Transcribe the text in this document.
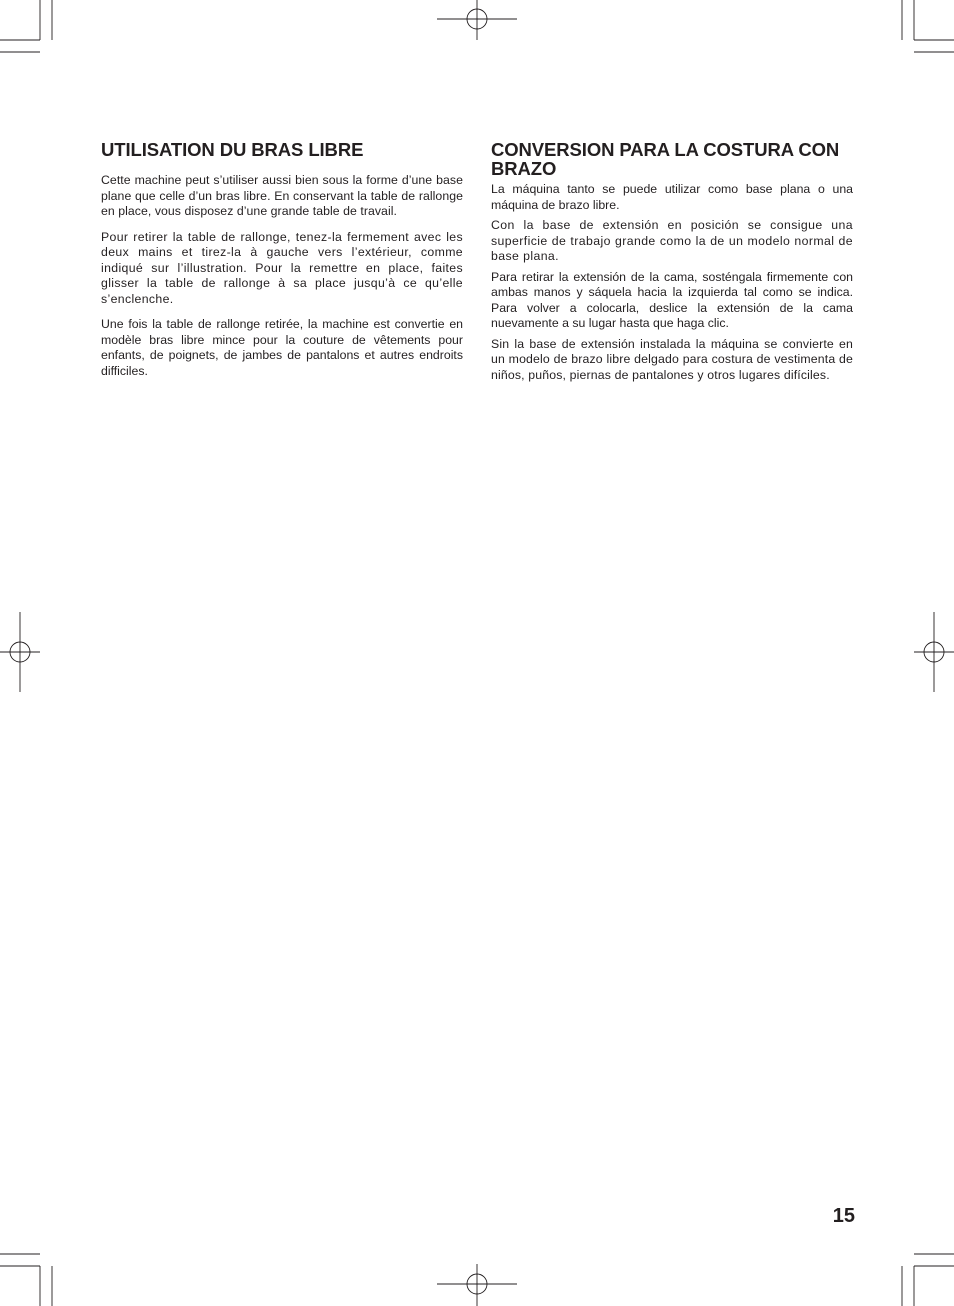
UTILISATION DU BRAS LIBRE

Cette machine peut s’utiliser aussi bien sous la forme d’une base plane que celle d’un bras libre. En conservant la table de rallonge en place, vous disposez d’une grande table de travail.

Pour retirer la table de rallonge, tenez-la fermement avec les deux mains et tirez-la à gauche vers l’extérieur, comme indiqué sur l’illustration. Pour la remettre en place, faites glisser la table de rallonge à sa place jusqu’à ce qu’elle s’enclenche.

Une fois la table de rallonge retirée, la machine est convertie en modèle bras libre mince pour la couture de vêtements pour enfants, de poignets, de jambes de pantalons et autres endroits difficiles.

CONVERSION PARA LA COSTURA CON BRAZO

La máquina tanto se puede utilizar como base plana o una máquina de brazo libre.

Con la base de extensión en posición se consigue una superficie de trabajo grande como la de un modelo normal de base plana.

Para retirar la extensión de la cama, sosténgala firmemente con ambas manos y sáquela hacia la izquierda tal como se indica. Para volver a colocarla, deslice la extensión de la cama nuevamente a su lugar hasta que haga clic.

Sin la base de extensión instalada la máquina se convierte en un modelo de brazo libre delgado para costura de vestimenta de niños, puños, piernas de pantalones y otros lugares difíciles.

15
